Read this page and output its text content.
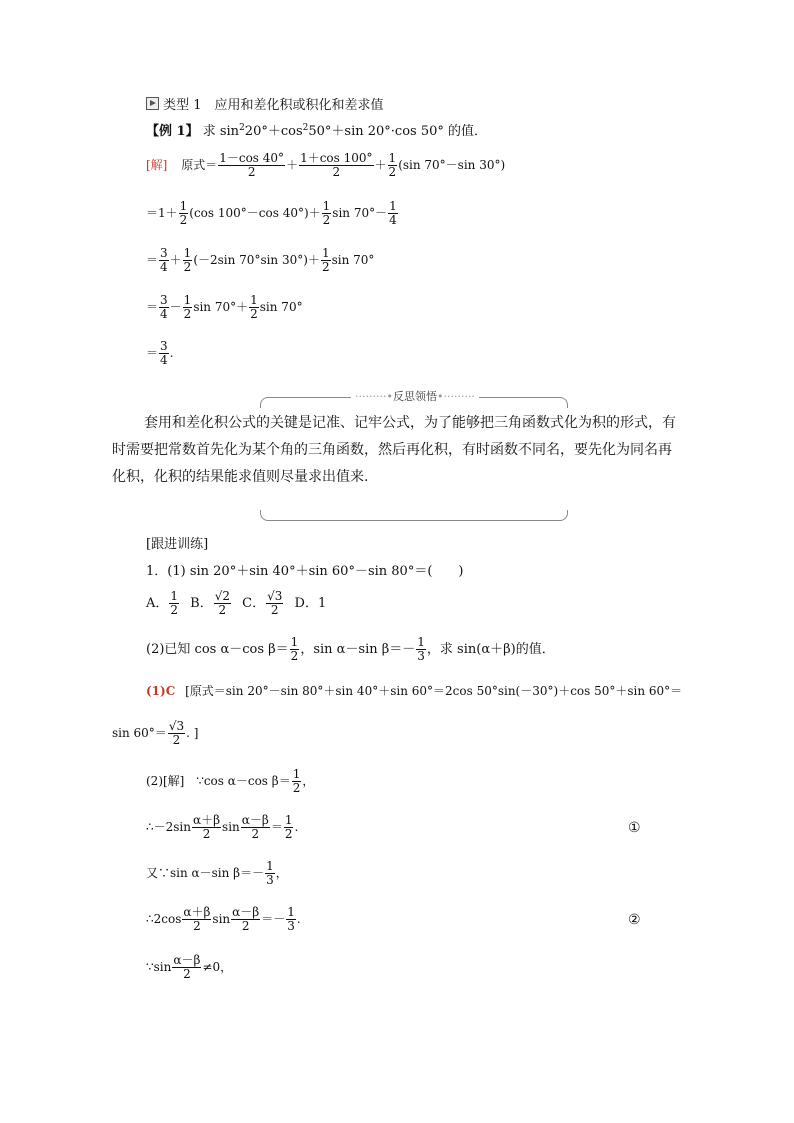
类型 1　应用和差化积或积化和差求值
【例 1】 求 $\sin^220^\circ+\cos^250^\circ+\sin$ 20°·cos 50° 的值．
[解] 原式＝ $\frac{1-\cos 40^\circ}{2} + \frac{1+\cos 100^\circ}{2} + \frac{1}{2} (\sin$ 70°－sin 30°)
$=1+ \frac{1}{2} (\cos$ 100°－cos $40^\circ)+ \frac{1}{2}$ $\sin 70^\circ- \frac{1}{4}$
＝ $\frac{3}{4} + \frac{1}{2} (-2\sin$ 70°sin $30^\circ)+ \frac{1}{2}$ sin 70°
＝ $\frac{3}{4} - \frac{1}{2}$ $\sin 70^\circ+ \frac{1}{2}$ sin 70°
＝ $\frac{3}{4}$ .
·········•反思领悟•·········
套用和差化积公式的关键是记准、记牢公式，为了能够把三角函数式化为积的形式，有时需要把常数首先化为某个角的三角函数，然后再化积，有时函数不同名，要先化为同名再化积，化积的结果能求值则尽量求出值来.
[跟进训练]
1．(1) sin 20°＋sin 40°＋sin 60°－sin 80°＝(　　)
A． $\frac{1}{2}$ B． $\frac{√2}{2}$ C． $\frac{√3}{2}$ D．1
(2)已知 cos α－cos $\beta= \frac{1}{2}$ ，sin α－sin $\beta=- \frac{1}{3}$ ，求 sin(α＋β)的值．
(1)C [原式＝sin 20°－sin 80°＋sin 40°＋sin 60°＝2cos 50°sin(－30°)＋cos 50°＋sin 60°＝
$\sin 60^\circ= \frac{√3}{2}$ . ]
(2)[解] ∵cos α－cos $\beta= \frac{1}{2}$ ，
∴－2sin $\frac{\alpha+\beta}{2}$ $\sin \frac{\alpha-\beta}{2} = \frac{1}{2}$ .	①
又∵sin α－sin $\beta=- \frac{1}{3}$ ，
∴2cos $\frac{\alpha+\beta}{2}$ $\sin \frac{\alpha-\beta}{2} =- \frac{1}{3}$ .	②
∵sin $\frac{\alpha-\beta}{2} \ne 0$，
